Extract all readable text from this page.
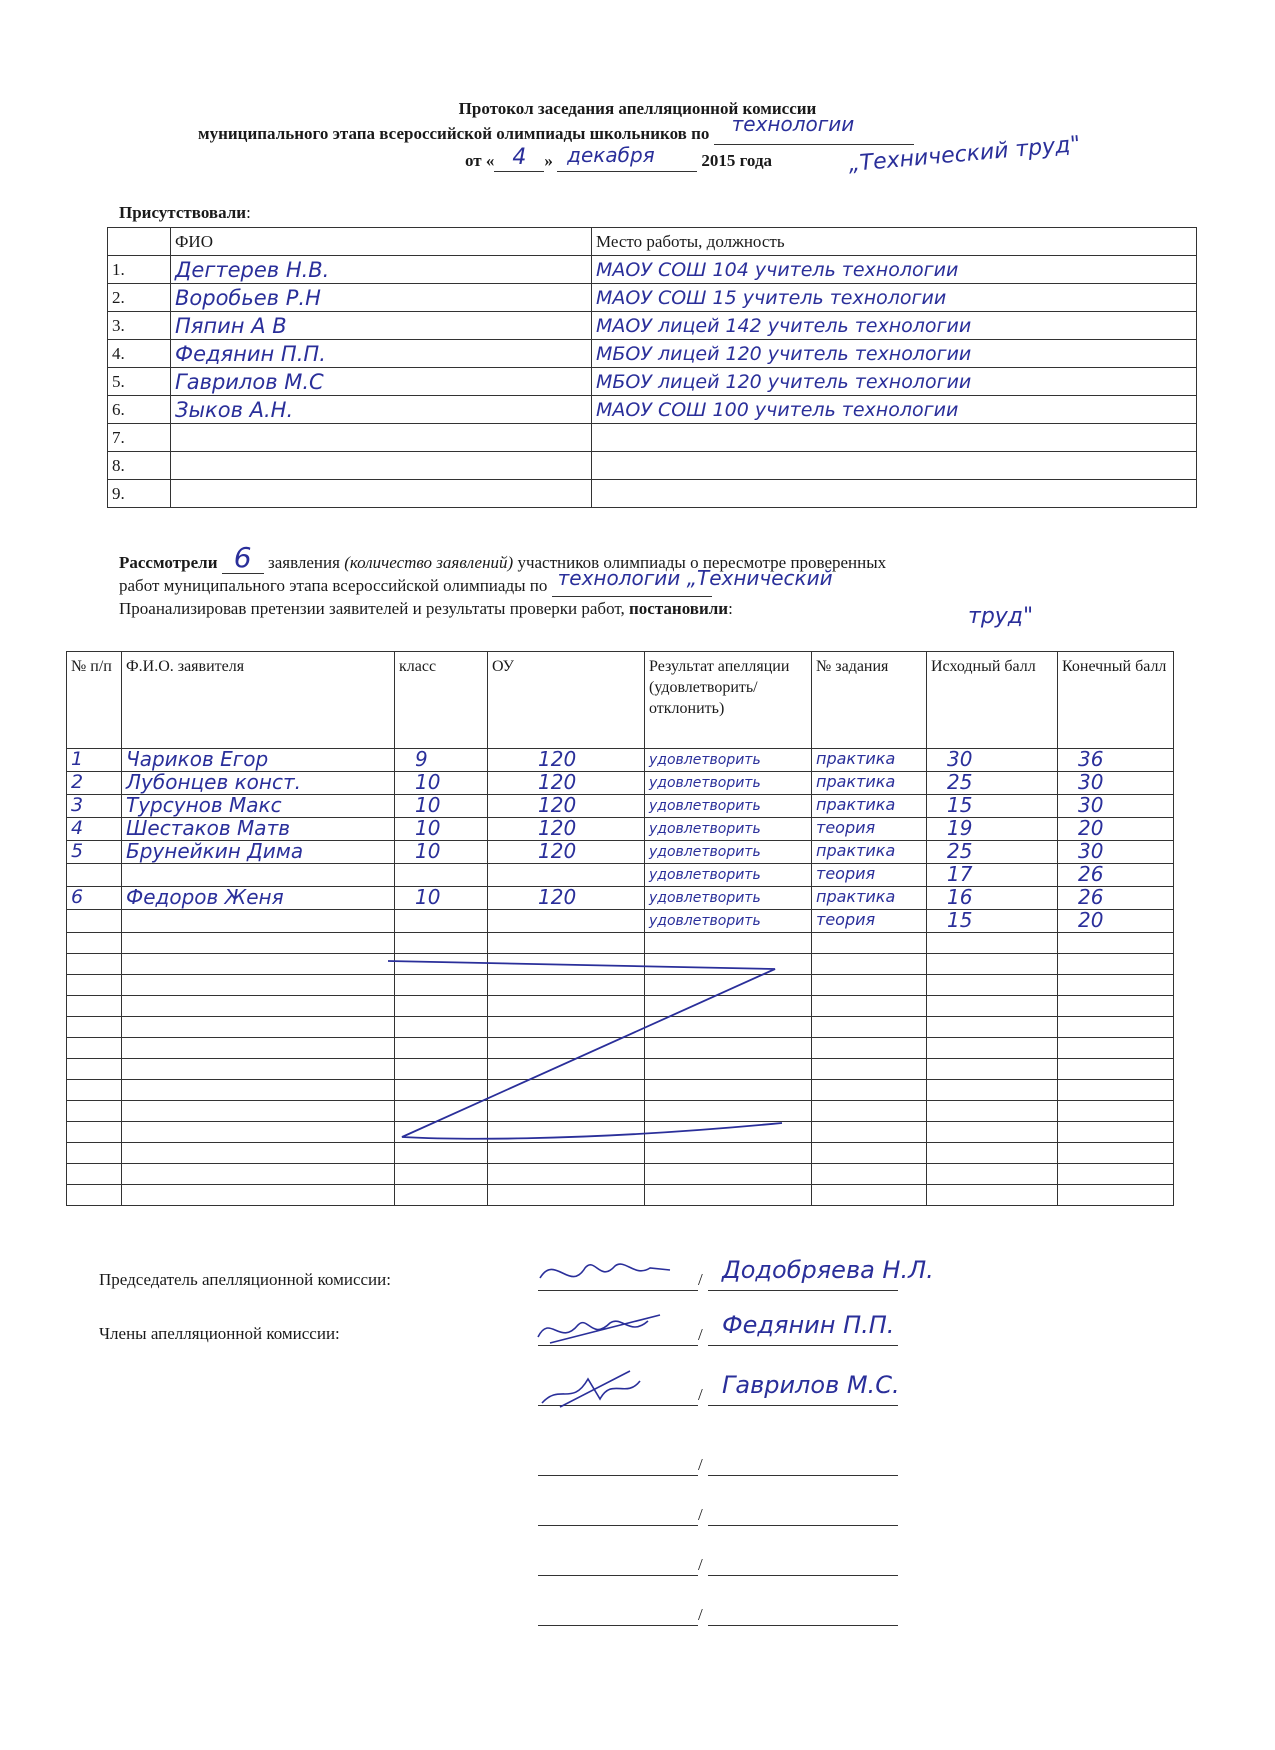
Протокол заседания апелляционной комиссии
муниципального этапа всероссийской олимпиады школьников по технологии

от « 4 » декабря	2015 года	„Технический труд"
Присутствовали:
	ФИО	Место работы, должность
1.	Дегтерев Н.В.	МАОУ СОШ 104 учитель технологии
2.	Воробьев Р.Н	МАОУ СОШ 15 учитель технологии
3.	Пяпин А В	МАОУ лицей 142 учитель технологии
4.	Федянин П.П.	МБОУ лицей 120 учитель технологии
5.	Гаврилов М.С	МБОУ лицей 120 учитель технологии
6.	Зыков А.Н.	МАОУ СОШ 100 учитель технологии
7.		
8.		
9.		
Рассмотрели 6 заявления (количество заявлений) участников олимпиады о пересмотре проверенных
работ муниципального этапа всероссийской олимпиады по технологии „Технический

Проанализировав претензии заявителей и результаты проверки работ, постановили:	труд"
№ п/п	Ф.И.О. заявителя	класс	ОУ	Результат апелляции (удовлетворить/ отклонить)	№ задания	Исходный балл	Конечный балл
1	Чариков Егор	9	120	удовлетворить	практика	30	36
2	Лубонцев конст.	10	120	удовлетворить	практика	25	30
3	Турсунов Макс	10	120	удовлетворить	практика	15	30
4	Шестаков Матв	10	120	удовлетворить	теория	19	20
5	Брунейкин Дима	10	120	удовлетворить	практика	25	30
				удовлетворить	теория	17	26
6	Федоров Женя	10	120	удовлетворить	практика	16	26
				удовлетворить	теория	15	20

Председатель апелляционной комиссии:
Члены апелляционной комиссии:
/ Додобряева Н.Л.
/ Федянин П.П.
/ Гаврилов М.С.
/
/
/
/
